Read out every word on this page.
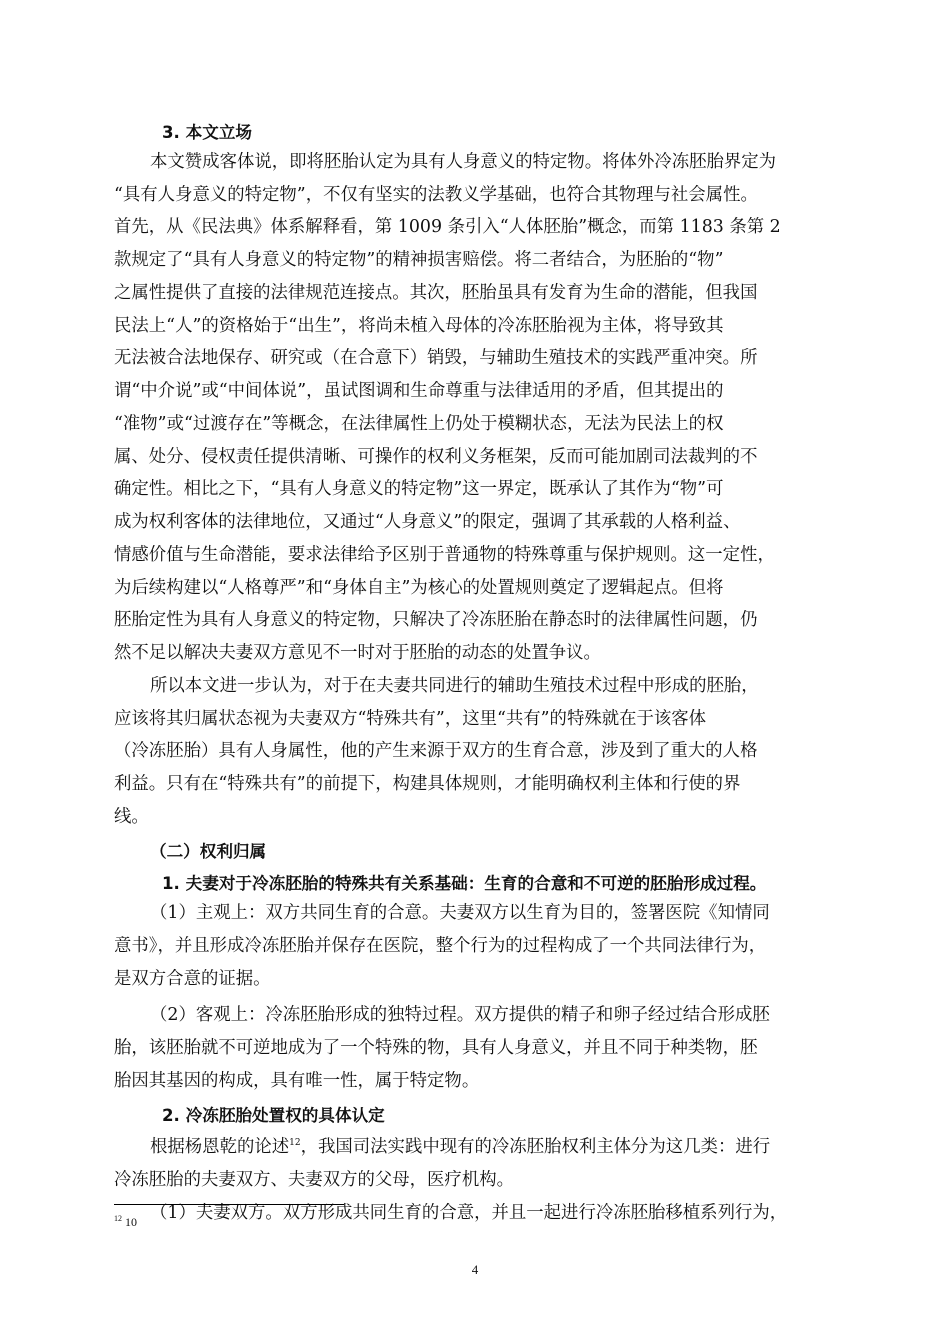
3. 本文立场
本文赞成客体说，即将胚胎认定为具有人身意义的特定物。将体外冷冻胚胎界定为
“具有人身意义的特定物”，不仅有坚实的法教义学基础，也符合其物理与社会属性。
首先，从《民法典》体系解释看，第 1009 条引入“人体胚胎”概念，而第 1183 条第 2
款规定了“具有人身意义的特定物”的精神损害赔偿。将二者结合，为胚胎的“物”
之属性提供了直接的法律规范连接点。其次，胚胎虽具有发育为生命的潜能，但我国
民法上“人”的资格始于“出生”，将尚未植入母体的冷冻胚胎视为主体，将导致其
无法被合法地保存、研究或（在合意下）销毁，与辅助生殖技术的实践严重冲突。所
谓“中介说”或“中间体说”，虽试图调和生命尊重与法律适用的矛盾，但其提出的
“准物”或“过渡存在”等概念，在法律属性上仍处于模糊状态，无法为民法上的权
属、处分、侵权责任提供清晰、可操作的权利义务框架，反而可能加剧司法裁判的不
确定性。相比之下，“具有人身意义的特定物”这一界定，既承认了其作为“物”可
成为权利客体的法律地位，又通过“人身意义”的限定，强调了其承载的人格利益、
情感价值与生命潜能，要求法律给予区别于普通物的特殊尊重与保护规则。这一定性，
为后续构建以“人格尊严”和“身体自主”为核心的处置规则奠定了逻辑起点。但将
胚胎定性为具有人身意义的特定物，只解决了冷冻胚胎在静态时的法律属性问题，仍
然不足以解决夫妻双方意见不一时对于胚胎的动态的处置争议。
所以本文进一步认为，对于在夫妻共同进行的辅助生殖技术过程中形成的胚胎，
应该将其归属状态视为夫妻双方“特殊共有”，这里“共有”的特殊就在于该客体
（冷冻胚胎）具有人身属性，他的产生来源于双方的生育合意，涉及到了重大的人格
利益。只有在“特殊共有”的前提下，构建具体规则，才能明确权利主体和行使的界
线。
（二）权利归属
1. 夫妻对于冷冻胚胎的特殊共有关系基础：生育的合意和不可逆的胚胎形成过程。
（1）主观上：双方共同生育的合意。夫妻双方以生育为目的，签署医院《知情同
意书》，并且形成冷冻胚胎并保存在医院，整个行为的过程构成了一个共同法律行为，
是双方合意的证据。
（2）客观上：冷冻胚胎形成的独特过程。双方提供的精子和卵子经过结合形成胚
胎，该胚胎就不可逆地成为了一个特殊的物，具有人身意义，并且不同于种类物，胚
胎因其基因的构成，具有唯一性，属于特定物。
2. 冷冻胚胎处置权的具体认定
根据杨恩乾的论述$^{12}$，我国司法实践中现有的冷冻胚胎权利主体分为这几类：进行
冷冻胚胎的夫妻双方、夫妻双方的父母，医疗机构。
（1）夫妻双方。双方形成共同生育的合意，并且一起进行冷冻胚胎移植系列行为，
$^{12}$ 10
4
